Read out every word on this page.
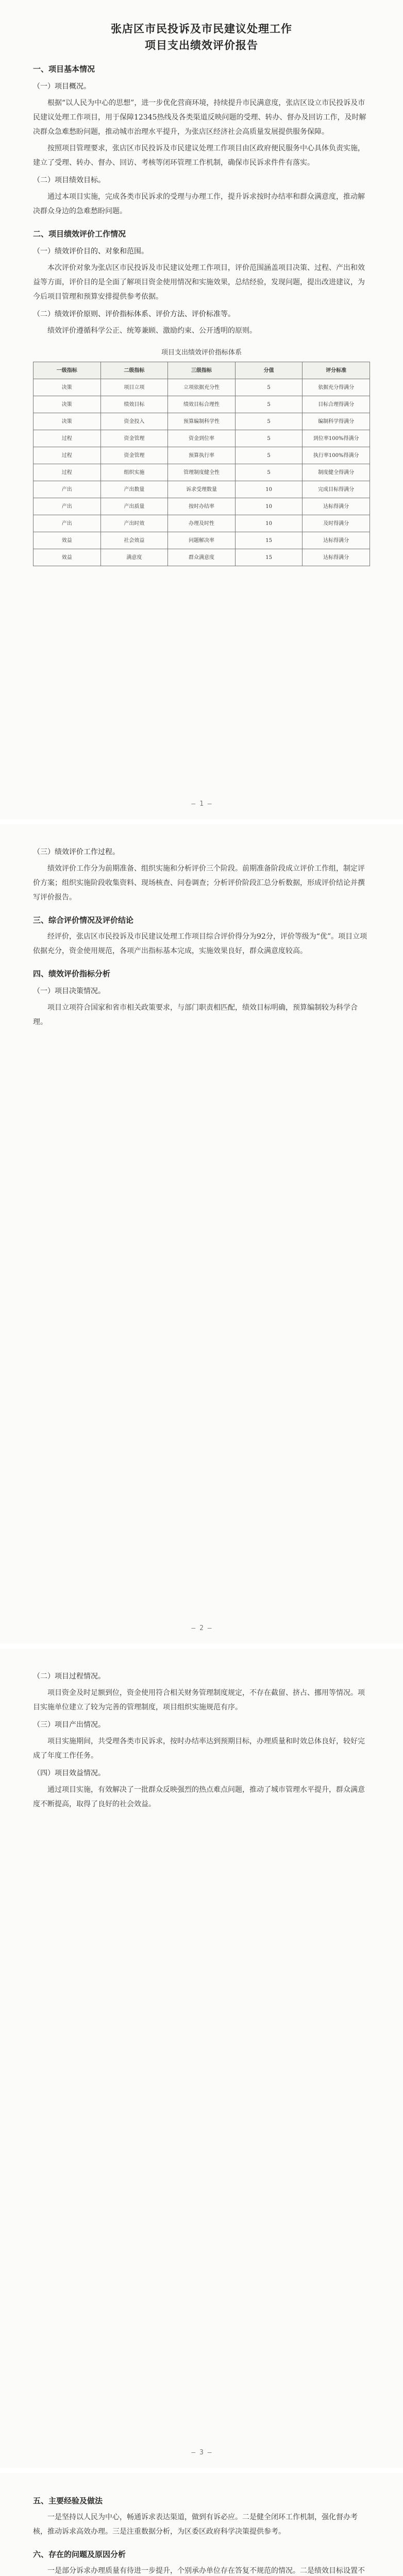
张店区市民投诉及市民建议处理工作
项目支出绩效评价报告
一、项目基本情况
（一）项目概况。

根据“以人民为中心的思想”，进一步优化营商环境，持续提升市民满意度，张店区设立市民投诉及市民建议处理工作项目，用于保障12345热线及各类渠道反映问题的受理、转办、督办及回访工作，及时解决群众急难愁盼问题，推动城市治理水平提升，为张店区经济社会高质量发展提供服务保障。

按照项目管理要求，张店区市民投诉及市民建议处理工作项目由区政府便民服务中心具体负责实施，建立了受理、转办、督办、回访、考核等闭环管理工作机制，确保市民诉求件件有落实。

（二）项目绩效目标。

通过本项目实施，完成各类市民诉求的受理与办理工作，提升诉求按时办结率和群众满意度，推动解决群众身边的急难愁盼问题。

二、项目绩效评价工作情况
（一）绩效评价目的、对象和范围。

本次评价对象为张店区市民投诉及市民建议处理工作项目，评价范围涵盖项目决策、过程、产出和效益等方面，评价目的是全面了解项目资金使用情况和实施效果，总结经验，发现问题，提出改进建议，为今后项目管理和预算安排提供参考依据。

（二）绩效评价原则、评价指标体系、评价方法、评价标准等。

绩效评价遵循科学公正、统筹兼顾、激励约束、公开透明的原则。

项目支出绩效评价指标体系
一级指标	二级指标	三级指标	分值	评分标准
决策	项目立项	立项依据充分性	5	依据充分得满分
决策	绩效目标	绩效目标合理性	5	目标合理得满分
决策	资金投入	预算编制科学性	5	编制科学得满分
过程	资金管理	资金到位率	5	到位率100%得满分
过程	资金管理	预算执行率	5	执行率100%得满分
过程	组织实施	管理制度健全性	5	制度健全得满分
产出	产出数量	诉求受理数量	10	完成目标得满分
产出	产出质量	按时办结率	10	达标得满分
产出	产出时效	办理及时性	10	及时得满分
效益	社会效益	问题解决率	15	达标得满分
效益	满意度	群众满意度	15	达标得满分
— 1 —
（三）绩效评价工作过程。

绩效评价工作分为前期准备、组织实施和分析评价三个阶段。前期准备阶段成立评价工作组，制定评价方案；组织实施阶段收集资料、现场核查、问卷调查；分析评价阶段汇总分析数据，形成评价结论并撰写评价报告。

三、综合评价情况及评价结论

经评价，张店区市民投诉及市民建议处理工作项目综合评价得分为92分，评价等级为“优”。项目立项依据充分，资金使用规范，各项产出指标基本完成，实施效果良好，群众满意度较高。

四、绩效评价指标分析
（一）项目决策情况。

项目立项符合国家和省市相关政策要求，与部门职责相匹配，绩效目标明确，预算编制较为科学合理。

— 2 —
（二）项目过程情况。

项目资金及时足额到位，资金使用符合相关财务管理制度规定，不存在截留、挤占、挪用等情况。项目实施单位建立了较为完善的管理制度，项目组织实施规范有序。

（三）项目产出情况。

项目实施期间，共受理各类市民诉求，按时办结率达到预期目标，办理质量和时效总体良好，较好完成了年度工作任务。

（四）项目效益情况。

通过项目实施，有效解决了一批群众反映强烈的热点难点问题，推动了城市管理水平提升，群众满意度不断提高，取得了良好的社会效益。

— 3 —
五、主要经验及做法

一是坚持以人民为中心，畅通诉求表达渠道，做到有诉必应。二是健全闭环工作机制，强化督办考核，推动诉求高效办理。三是注重数据分析，为区委区政府科学决策提供参考。

六、存在的问题及原因分析

一是部分诉求办理质量有待进一步提升，个别承办单位存在答复不规范的情况。二是绩效目标设置不
